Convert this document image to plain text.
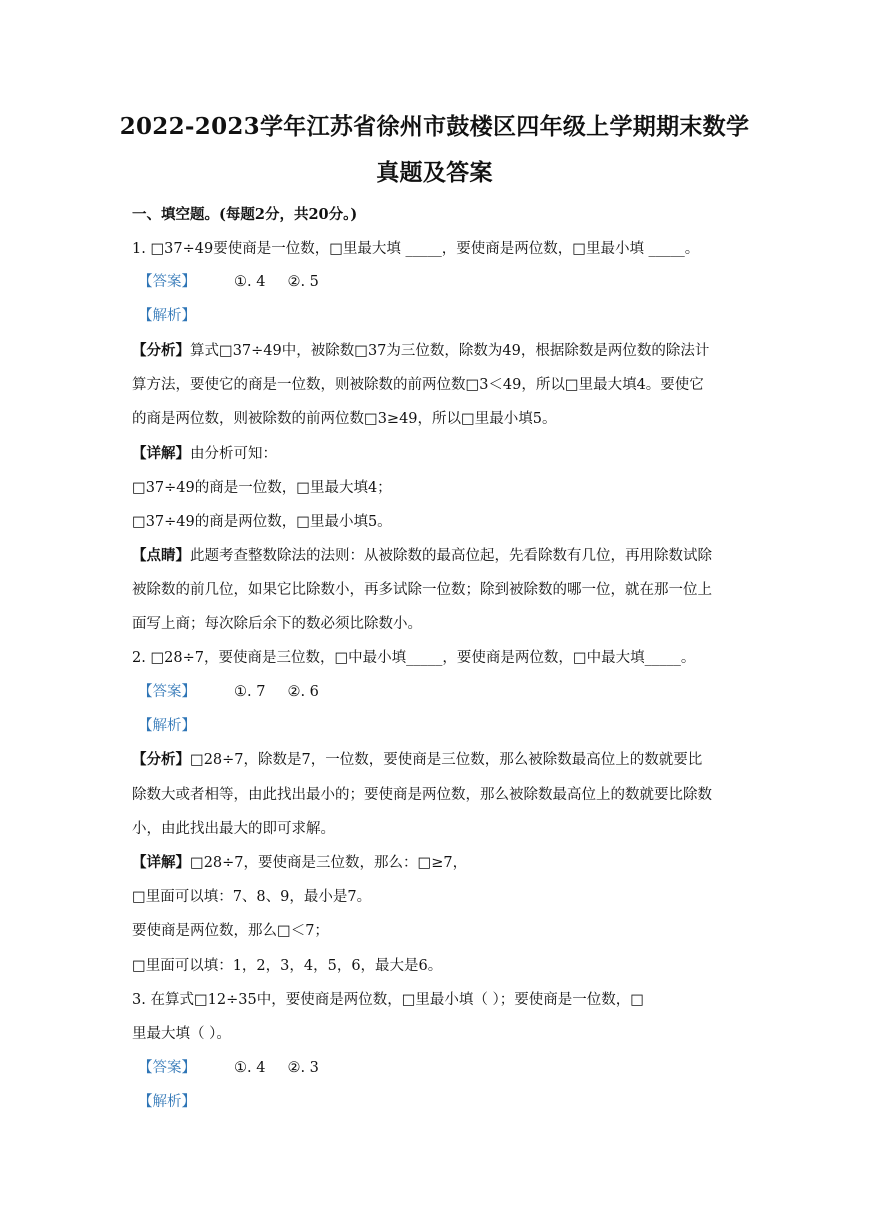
2022-2023学年江苏省徐州市鼓楼区四年级上学期期末数学
真题及答案
一、填空题。(每题2分，共20分。)
1. □37÷49要使商是一位数，□里最大填 _____，要使商是两位数，□里最小填 _____。
【答案】	①. 4 ②. 5
【解析】
【分析】算式□37÷49中，被除数□37为三位数，除数为49，根据除数是两位数的除法计
算方法，要使它的商是一位数，则被除数的前两位数□3＜49，所以□里最大填4。要使它
的商是两位数，则被除数的前两位数□3≥49，所以□里最小填5。
【详解】由分析可知：
□37÷49的商是一位数，□里最大填4；
□37÷49的商是两位数，□里最小填5。
【点睛】此题考查整数除法的法则：从被除数的最高位起，先看除数有几位，再用除数试除
被除数的前几位，如果它比除数小，再多试除一位数；除到被除数的哪一位，就在那一位上
面写上商；每次除后余下的数必须比除数小。
2. □28÷7，要使商是三位数，□中最小填_____，要使商是两位数，□中最大填_____。
【答案】	①. 7 ②. 6
【解析】
【分析】□28÷7，除数是7，一位数，要使商是三位数，那么被除数最高位上的数就要比
除数大或者相等，由此找出最小的；要使商是两位数，那么被除数最高位上的数就要比除数
小，由此找出最大的即可求解。
【详解】□28÷7，要使商是三位数，那么：□≥7，
□里面可以填：7、8、9，最小是7。
要使商是两位数，那么□＜7；
□里面可以填：1，2，3，4，5，6，最大是6。
3. 在算式□12÷35中，要使商是两位数，□里最小填（ ）；要使商是一位数，□
里最大填（ ）。
【答案】	①. 4 ②. 3
【解析】
